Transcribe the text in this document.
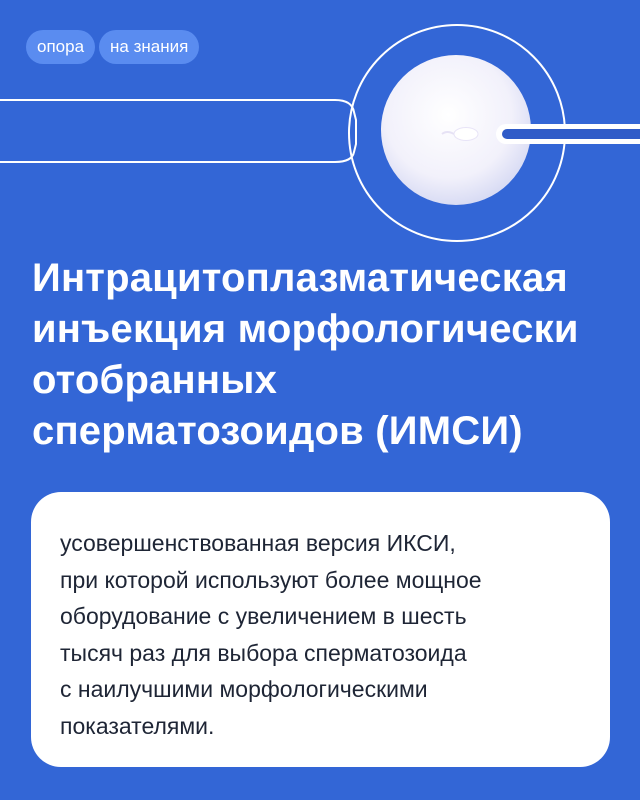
опора	на знания
Интрацитоплазматическая
инъекция морфологически
отобранных
сперматозоидов (ИМСИ)

усовершенствованная версия ИКСИ,
при которой используют более мощное
оборудование с увеличением в шесть
тысяч раз для выбора сперматозоида
с наилучшими морфологическими
показателями.
